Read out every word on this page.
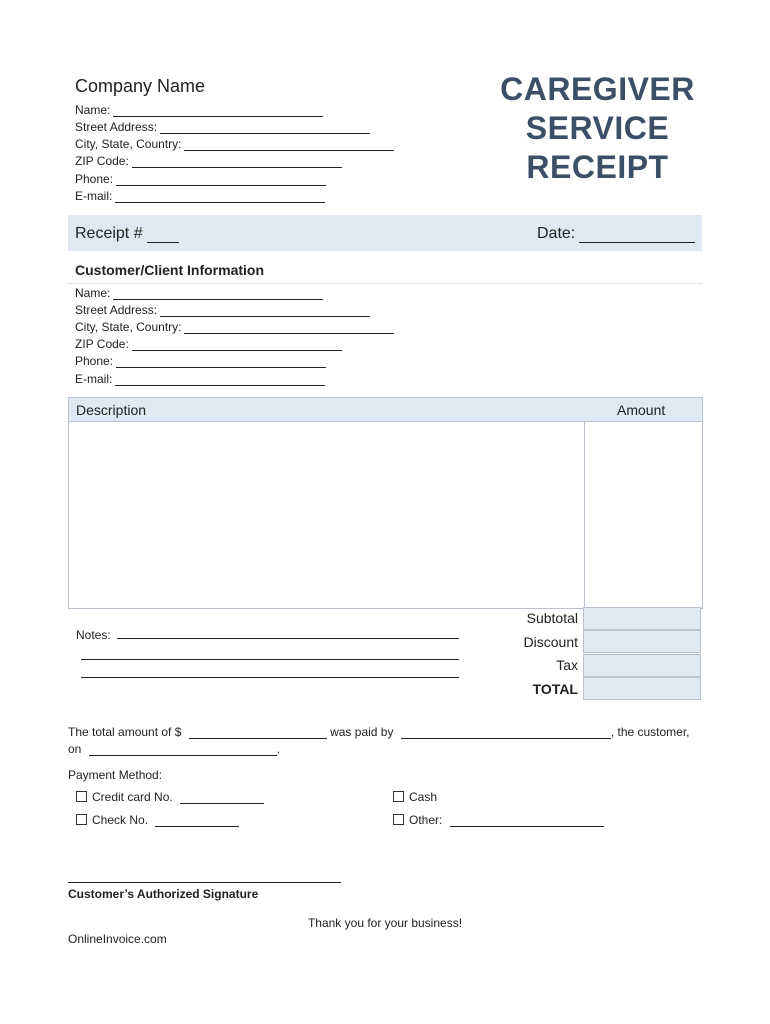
Company Name
Name:
Street Address:
City, State, Country:
ZIP Code:
Phone:
E-mail:
CAREGIVER
SERVICE
RECEIPT
Receipt #	Date:
Customer/Client Information
Name:
Street Address:
City, State, Country:
ZIP Code:
Phone:
E-mail:
Description	Amount
Subtotal
Discount
Tax
TOTAL
Notes:
The total amount of $	was paid by	, the customer,
on	.
Payment Method:
Credit card No.
Check No.
Cash
Other:
Customer’s Authorized Signature
Thank you for your business!
OnlineInvoice.com
